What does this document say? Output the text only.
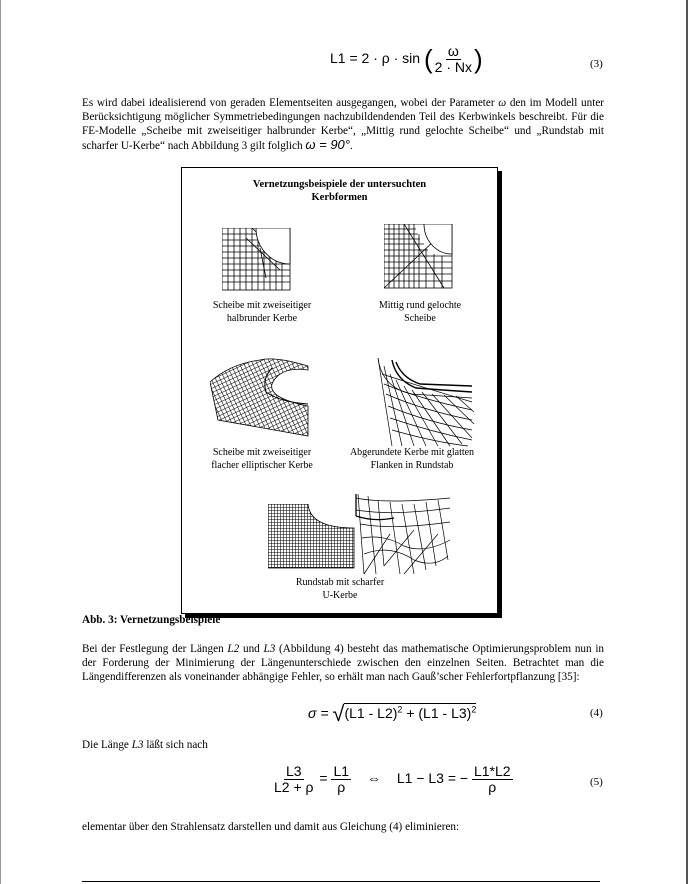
L1 = 2 · ρ · sin ( $\frac{\omega}{2 \cdot Nx}$ )	(3)

Es wird dabei idealisierend von geraden Elementseiten ausgegangen, wobei der Parameter ω den im Modell unter Berücksichtigung möglicher Symmetriebedingungen nachzubildendenden Teil des Kerbwinkels beschreibt. Für die FE-Modelle „Scheibe mit zweiseitiger halbrunder Kerbe“, „Mittig rund gelochte Scheibe“ und „Rundstab mit scharfer U-Kerbe“ nach Abbildung 3 gilt folglich ω = 90°.

Vernetzungsbeispiele der untersuchten
Kerbformen
Scheibe mit zweiseitiger
halbrunder Kerbe
Mittig rund gelochte
Scheibe
Scheibe mit zweiseitiger
flacher elliptischer Kerbe
Abgerundete Kerbe mit glatten
Flanken in Rundstab
Rundstab mit scharfer
U-Kerbe
Abb. 3: Vernetzungsbeispiele

Bei der Festlegung der Längen L2 und L3 (Abbildung 4) besteht das mathematische Optimierungsproblem nun in der Forderung der Minimierung der Längenunterschiede zwischen den einzelnen Seiten. Betrachtet man die Längendifferenzen als voneinander abhängige Fehler, so erhält man nach Gauß’scher Fehlerfortpflanzung [35]:

σ = √(L1 - L2)$^2$ + (L1 - L3)$^2$	(4)

Die Länge L3 läßt sich nach

$\frac{L3}{L2 + \rho} = \frac{L1}{\rho}$ ⇔ L1 − L3 = − $\frac{L1*L2}{\rho}$	(5)
elementar über den Strahlensatz darstellen und damit aus Gleichung (4) eliminieren:
